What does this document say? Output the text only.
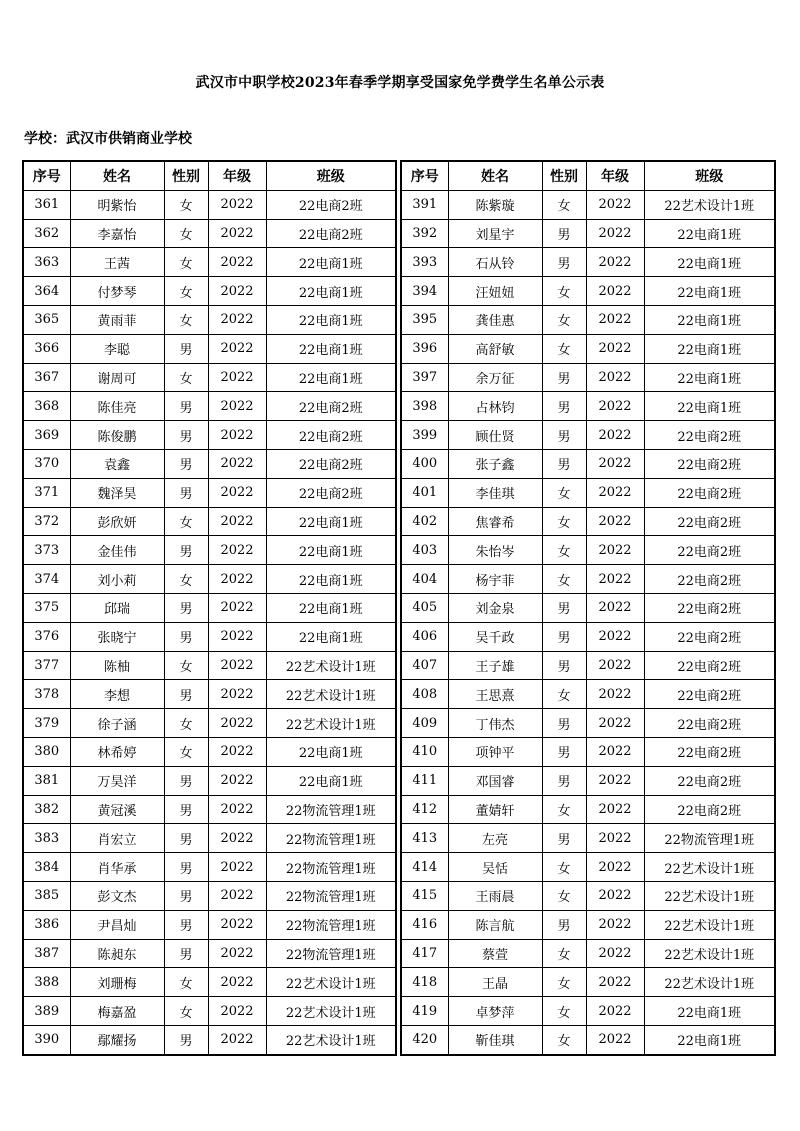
武汉市中职学校2023年春季学期享受国家免学费学生名单公示表
学校：武汉市供销商业学校
序号	姓名	性别	年级	班级
361	明紫怡	女	2022	22电商2班
362	李嘉怡	女	2022	22电商2班
363	王茜	女	2022	22电商1班
364	付梦琴	女	2022	22电商1班
365	黄雨菲	女	2022	22电商1班
366	李聪	男	2022	22电商1班
367	谢周可	女	2022	22电商1班
368	陈佳亮	男	2022	22电商2班
369	陈俊鹏	男	2022	22电商2班
370	袁鑫	男	2022	22电商2班
371	魏泽昊	男	2022	22电商2班
372	彭欣妍	女	2022	22电商1班
373	金佳伟	男	2022	22电商1班
374	刘小莉	女	2022	22电商1班
375	邱瑞	男	2022	22电商1班
376	张晓宁	男	2022	22电商1班
377	陈柚	女	2022	22艺术设计1班
378	李想	男	2022	22艺术设计1班
379	徐子涵	女	2022	22艺术设计1班
380	林希婷	女	2022	22电商1班
381	万昊洋	男	2022	22电商1班
382	黄冠溪	男	2022	22物流管理1班
383	肖宏立	男	2022	22物流管理1班
384	肖华承	男	2022	22物流管理1班
385	彭文杰	男	2022	22物流管理1班
386	尹昌灿	男	2022	22物流管理1班
387	陈昶东	男	2022	22物流管理1班
388	刘珊梅	女	2022	22艺术设计1班
389	梅嘉盈	女	2022	22艺术设计1班
390	鄢耀扬	男	2022	22艺术设计1班
序号	姓名	性别	年级	班级
391	陈紫璇	女	2022	22艺术设计1班
392	刘星宇	男	2022	22电商1班
393	石从铃	男	2022	22电商1班
394	汪妞妞	女	2022	22电商1班
395	龚佳惠	女	2022	22电商1班
396	高舒敏	女	2022	22电商1班
397	余万征	男	2022	22电商1班
398	占林钧	男	2022	22电商1班
399	顾仕贤	男	2022	22电商2班
400	张子鑫	男	2022	22电商2班
401	李佳琪	女	2022	22电商2班
402	焦睿希	女	2022	22电商2班
403	朱怡岑	女	2022	22电商2班
404	杨宇菲	女	2022	22电商2班
405	刘金泉	男	2022	22电商2班
406	吴千政	男	2022	22电商2班
407	王子雄	男	2022	22电商2班
408	王思熹	女	2022	22电商2班
409	丁伟杰	男	2022	22电商2班
410	项钟平	男	2022	22电商2班
411	邓国睿	男	2022	22电商2班
412	董婧轩	女	2022	22电商2班
413	左亮	男	2022	22物流管理1班
414	吴恬	女	2022	22艺术设计1班
415	王雨晨	女	2022	22艺术设计1班
416	陈言航	男	2022	22艺术设计1班
417	蔡萱	女	2022	22艺术设计1班
418	王晶	女	2022	22艺术设计1班
419	卓梦萍	女	2022	22电商1班
420	靳佳琪	女	2022	22电商1班
